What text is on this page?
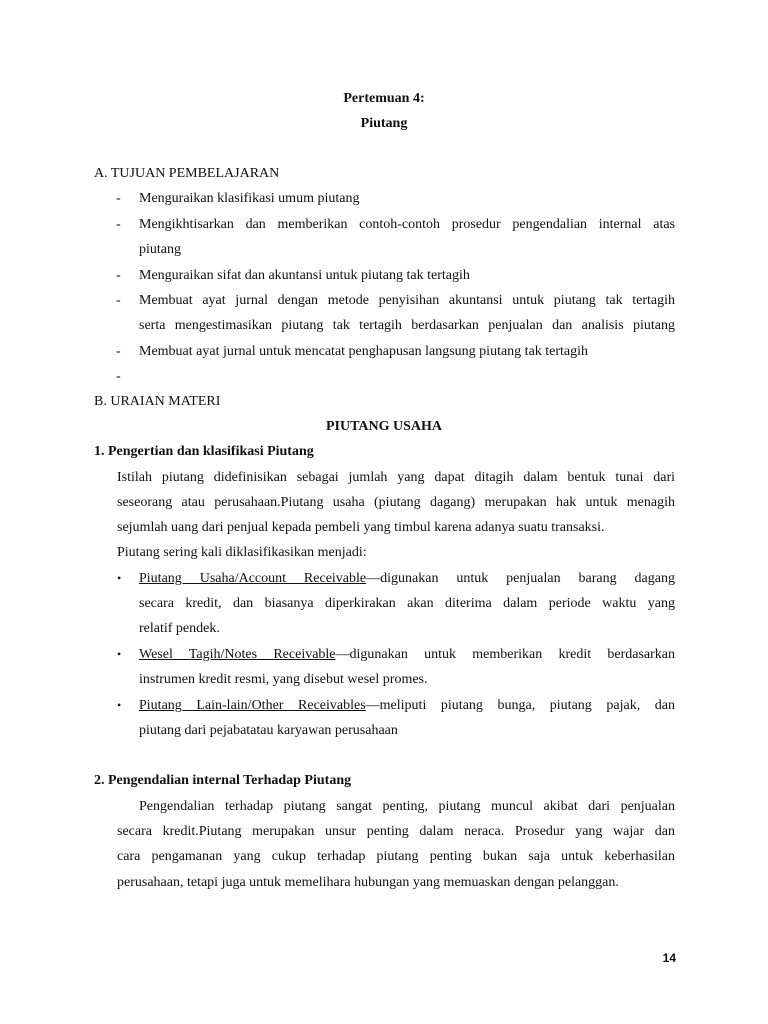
Pertemuan 4:
Piutang
A. TUJUAN PEMBELAJARAN
- Menguraikan klasifikasi umum piutang
- Mengikhtisarkan dan memberikan contoh-contoh prosedur pengendalian internal atas
piutang
- Menguraikan sifat dan akuntansi untuk piutang tak tertagih
- Membuat ayat jurnal dengan metode penyisihan akuntansi untuk piutang tak tertagih
serta mengestimasikan piutang tak tertagih berdasarkan penjualan dan analisis piutang
- Membuat ayat jurnal untuk mencatat penghapusan langsung piutang tak tertagih
-
B. URAIAN MATERI
PIUTANG USAHA
1. Pengertian dan klasifikasi Piutang
Istilah piutang didefinisikan sebagai jumlah yang dapat ditagih dalam bentuk tunai dari
seseorang atau perusahaan.Piutang usaha (piutang dagang) merupakan hak untuk menagih
sejumlah uang dari penjual kepada pembeli yang timbul karena adanya suatu transaksi.
Piutang sering kali diklasifikasikan menjadi:
• Piutang Usaha/Account Receivable—digunakan untuk penjualan barang dagang
secara kredit, dan biasanya diperkirakan akan diterima dalam periode waktu yang
relatif pendek.
• Wesel Tagih/Notes Receivable—digunakan untuk memberikan kredit berdasarkan
instrumen kredit resmi, yang disebut wesel promes.
• Piutang Lain-lain/Other Receivables—meliputi piutang bunga, piutang pajak, dan
piutang dari pejabatatau karyawan perusahaan
2. Pengendalian internal Terhadap Piutang
Pengendalian terhadap piutang sangat penting, piutang muncul akibat dari penjualan
secara kredit.Piutang merupakan unsur penting dalam neraca. Prosedur yang wajar dan
cara pengamanan yang cukup terhadap piutang penting bukan saja untuk keberhasilan
perusahaan, tetapi juga untuk memelihara hubungan yang memuaskan dengan pelanggan.
14
